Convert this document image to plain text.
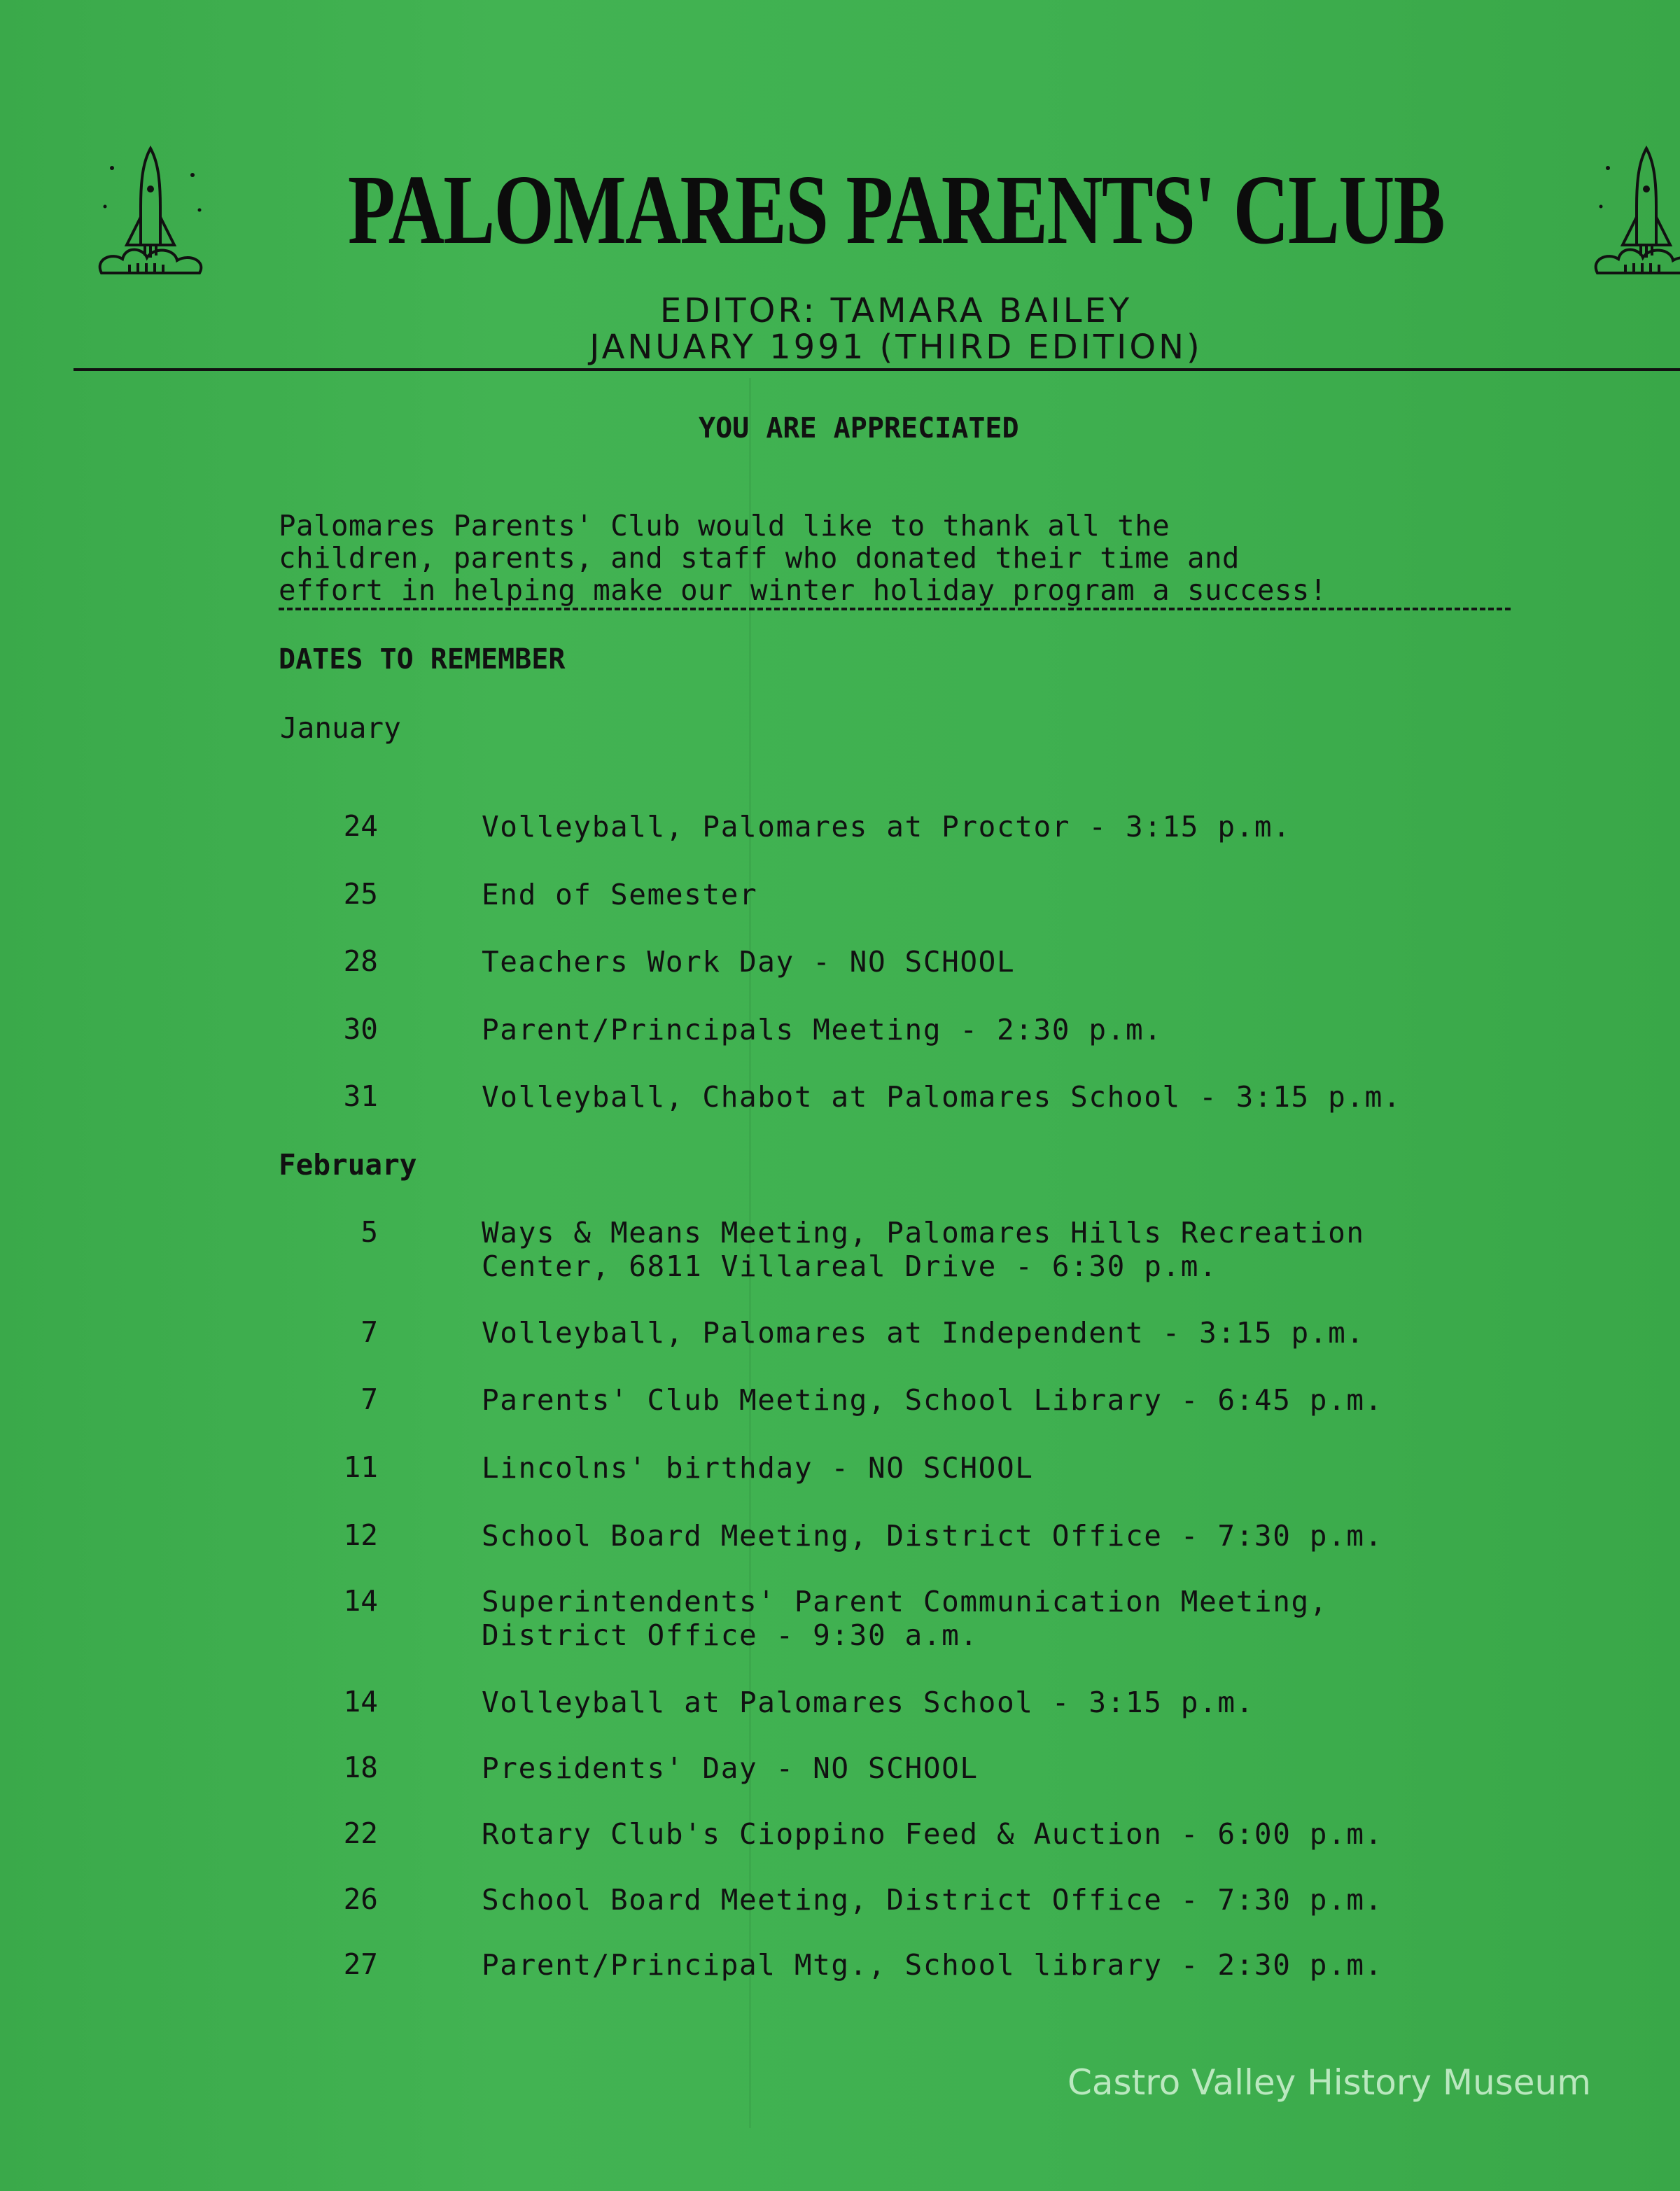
PALOMARES PARENTS' CLUB
EDITOR: TAMARA BAILEY
JANUARY 1991 (THIRD EDITION)
YOU ARE APPRECIATED
Palomares Parents' Club would like to thank all the
children, parents, and staff who donated their time and
effort in helping make our winter holiday program a success!
DATES TO REMEMBER
January
24	Volleyball, Palomares at Proctor - 3:15 p.m.
25	End of Semester
28	Teachers Work Day - NO SCHOOL
30	Parent/Principals Meeting - 2:30 p.m.
31	Volleyball, Chabot at Palomares School - 3:15 p.m.
February
5	Ways & Means Meeting, Palomares Hills Recreation
Center, 6811 Villareal Drive - 6:30 p.m.
7	Volleyball, Palomares at Independent - 3:15 p.m.
7	Parents' Club Meeting, School Library - 6:45 p.m.
11	Lincolns' birthday - NO SCHOOL
12	School Board Meeting, District Office - 7:30 p.m.
14	Superintendents' Parent Communication Meeting,
District Office - 9:30 a.m.
14	Volleyball at Palomares School - 3:15 p.m.
18	Presidents' Day - NO SCHOOL
22	Rotary Club's Cioppino Feed & Auction - 6:00 p.m.
26	School Board Meeting, District Office - 7:30 p.m.
27	Parent/Principal Mtg., School library - 2:30 p.m.
Castro Valley History Museum
